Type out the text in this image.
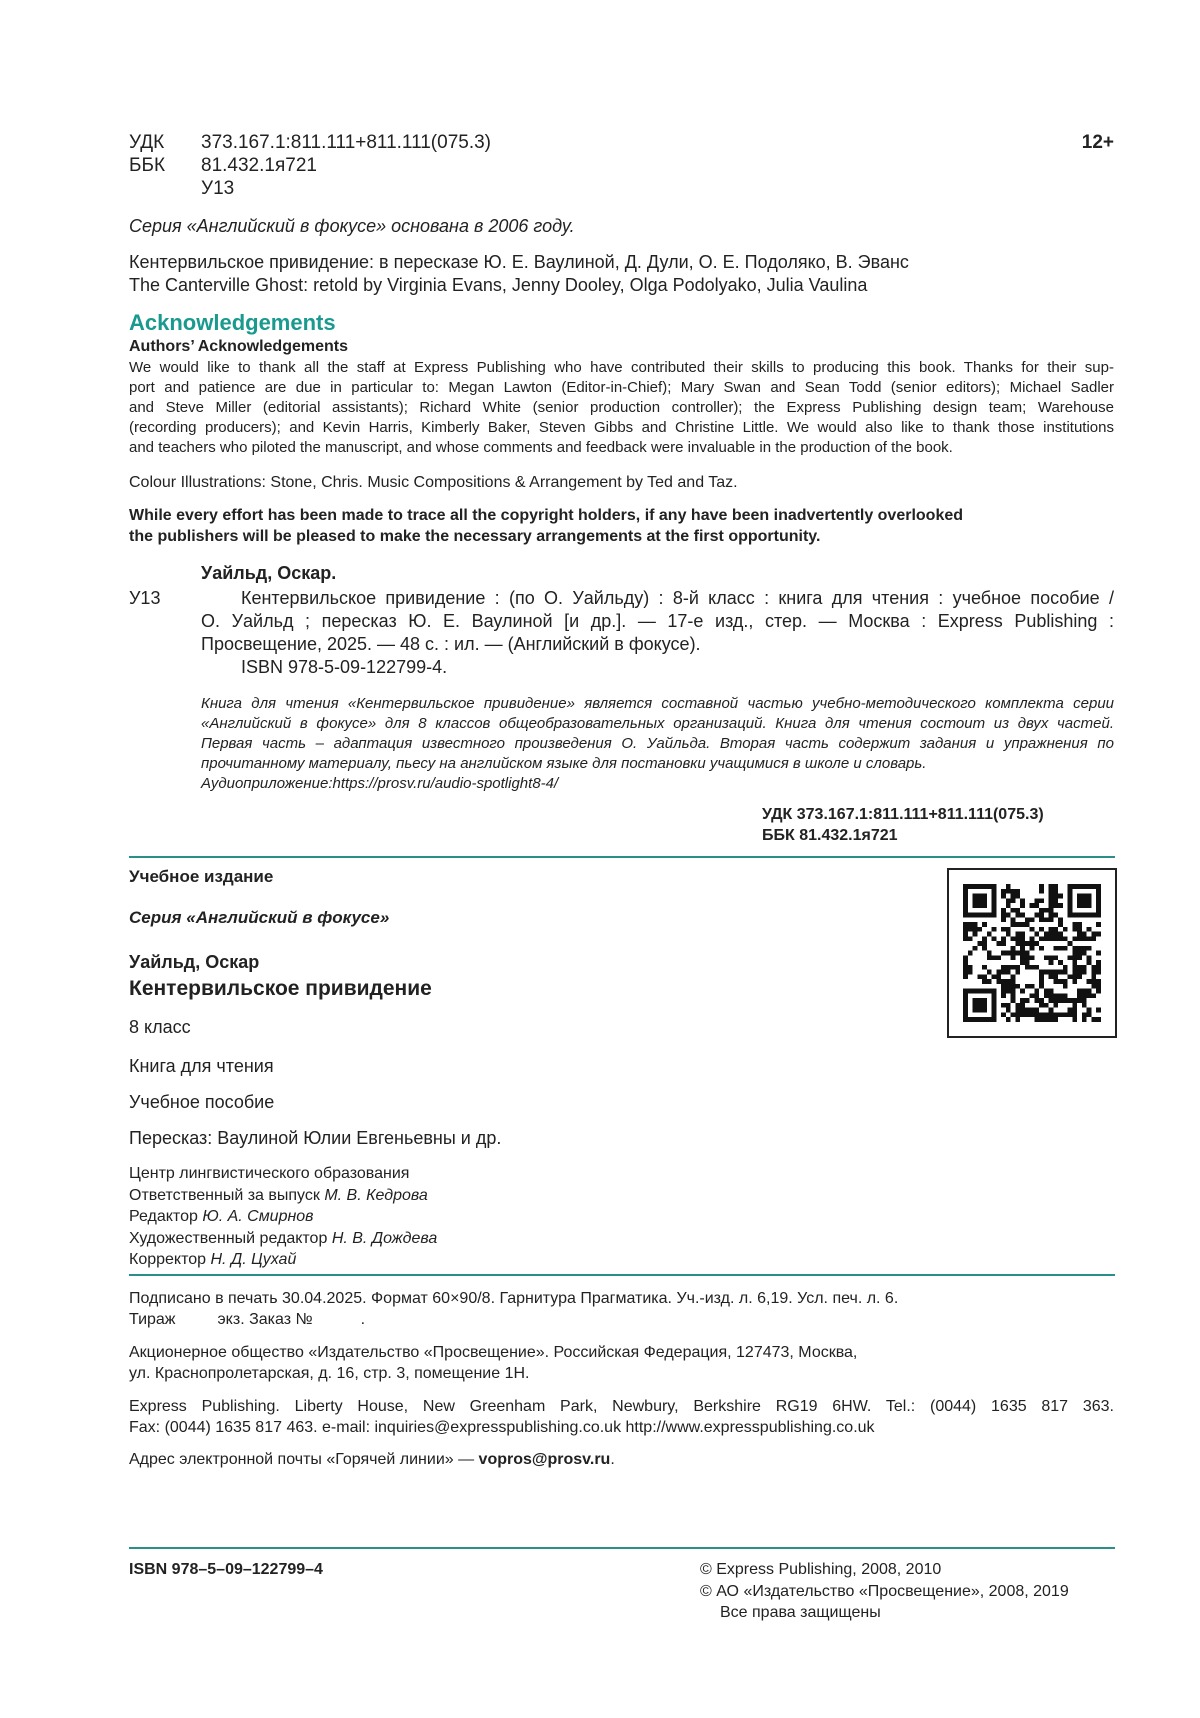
УДК 373.167.1:811.111+811.111(075.3)
ББК 81.432.1я721
У13
12+
Серия «Английский в фокусе» основана в 2006 году.
Кентервильское привидение: в пересказе Ю. Е. Ваулиной, Д. Дули, О. Е. Подоляко, В. Эванс
The Canterville Ghost: retold by Virginia Evans, Jenny Dooley, Olga Podolyako, Julia Vaulina
Acknowledgements
Authors’ Acknowledgements
We would like to thank all the staff at Express Publishing who have contributed their skills to producing this book. Thanks for their sup-
port and patience are due in particular to: Megan Lawton (Editor-in-Chief); Mary Swan and Sean Todd (senior editors); Michael Sadler
and Steve Miller (editorial assistants); Richard White (senior production controller); the Express Publishing design team; Warehouse
(recording producers); and Kevin Harris, Kimberly Baker, Steven Gibbs and Christine Little. We would also like to thank those institutions
and teachers who piloted the manuscript, and whose comments and feedback were invaluable in the production of the book.
Colour Illustrations: Stone, Chris. Music Compositions & Arrangement by Ted and Taz.
While every effort has been made to trace all the copyright holders, if any have been inadvertently overlooked
the publishers will be pleased to make the necessary arrangements at the first opportunity.
Уайльд, Оскар.
У13	Кентервильское привидение : (по О. Уайльду) : 8-й класс : книга для чтения : учебное пособие /
О. Уайльд ; пересказ Ю. Е. Ваулиной [и др.]. — 17-е изд., стер. — Москва : Express Publishing :
Просвещение, 2025. — 48 с. : ил. — (Английский в фокусе).
ISBN 978-5-09-122799-4.
Книга для чтения «Кентервильское привидение» является составной частью учебно-методического комплекта серии
«Английский в фокусе» для 8 классов общеобразовательных организаций. Книга для чтения состоит из двух частей.
Первая часть – адаптация известного произведения О. Уайльда. Вторая часть содержит задания и упражнения по
прочитанному материалу, пьесу на английском языке для постановки учащимися в школе и словарь.
Аудиоприложение:https://prosv.ru/audio-spotlight8-4/
УДК 373.167.1:811.111+811.111(075.3)
ББК 81.432.1я721
Учебное издание
Серия «Английский в фокусе»
Уайльд, Оскар
Кентервильское привидение
8 класс
Книга для чтения
Учебное пособие
Пересказ: Ваулиной Юлии Евгеньевны и др.
Центр лингвистического образования
Ответственный за выпуск М. В. Кедрова
Редактор Ю. А. Смирнов
Художественный редактор Н. В. Дождева
Корректор Н. Д. Цухай
Подписано в печать 30.04.2025. Формат 60×90/8. Гарнитура Прагматика. Уч.-изд. л. 6,19. Усл. печ. л. 6.
Тираж	экз. Заказ №	.
Акционерное общество «Издательство «Просвещение». Российская Федерация, 127473, Москва,
ул. Краснопролетарская, д. 16, стр. 3, помещение 1Н.
Express Publishing. Liberty House, New Greenham Park, Newbury, Berkshire RG19 6HW. Tel.: (0044) 1635 817 363.
Fax: (0044) 1635 817 463. e-mail: inquiries@expresspublishing.co.uk http://www.expresspublishing.co.uk
Адрес электронной почты «Горячей линии» — vopros@prosv.ru.
ISBN 978–5–09–122799–4	© Express Publishing, 2008, 2010
© АО «Издательство «Просвещение», 2008, 2019
Все права защищены
